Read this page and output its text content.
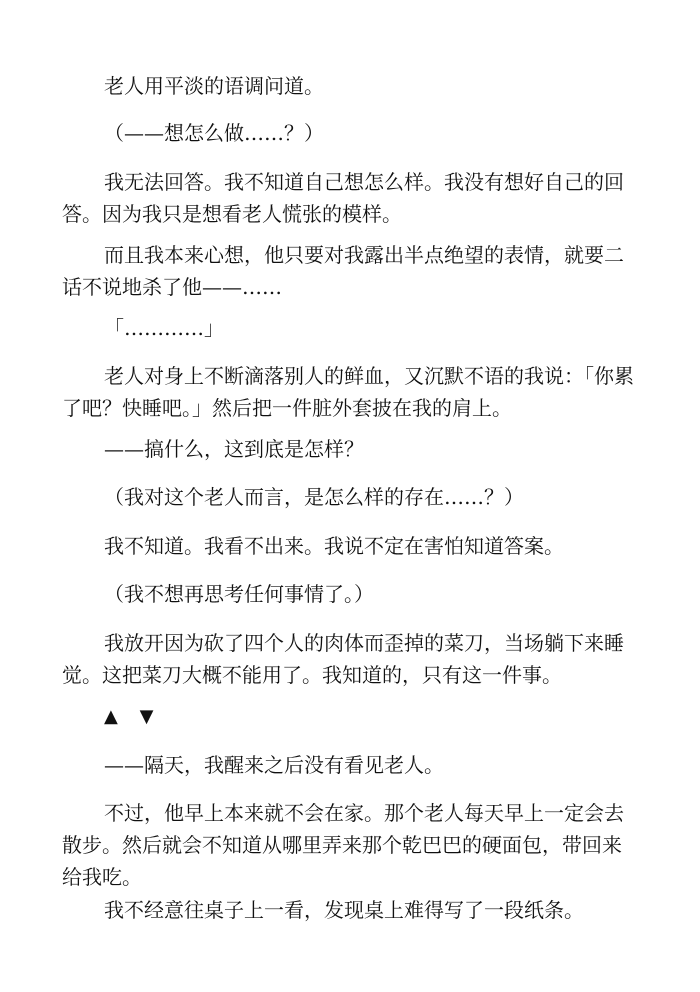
老人用平淡的语调问道。

（——想怎么做……？）

我无法回答。我不知道自己想怎么样。我没有想好自己的回答。因为我只是想看老人慌张的模样。

而且我本来心想，他只要对我露出半点绝望的表情，就要二话不说地杀了他——……

「…………」

老人对身上不断滴落别人的鲜血，又沉默不语的我说：「你累了吧？快睡吧。」然后把一件脏外套披在我的肩上。

——搞什么，这到底是怎样？

（我对这个老人而言，是怎么样的存在……？）

我不知道。我看不出来。我说不定在害怕知道答案。

（我不想再思考任何事情了。）

我放开因为砍了四个人的肉体而歪掉的菜刀，当场躺下来睡觉。这把菜刀大概不能用了。我知道的，只有这一件事。

▲ ▼

——隔天，我醒来之后没有看见老人。

不过，他早上本来就不会在家。那个老人每天早上一定会去散步。然后就会不知道从哪里弄来那个乾巴巴的硬面包，带回来给我吃。

我不经意往桌子上一看，发现桌上难得写了一段纸条。
